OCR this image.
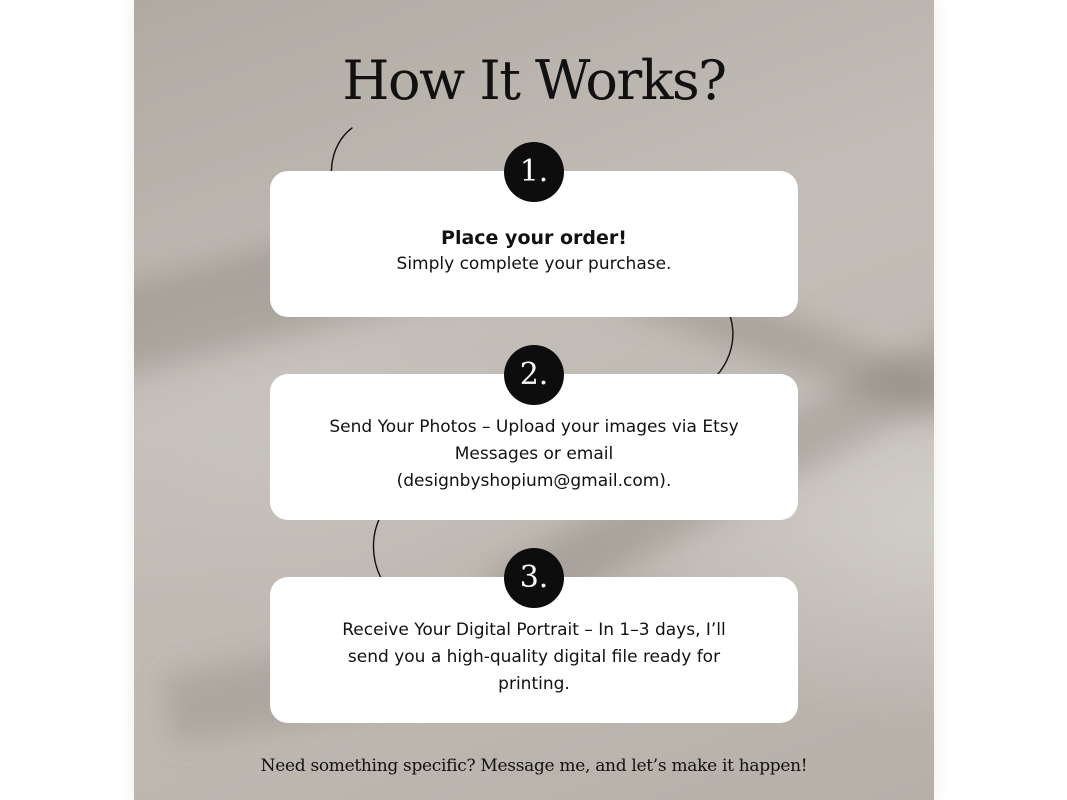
How It Works?
Place your order!
Simply complete your purchase.
1.
Send Your Photos – Upload your images via Etsy
Messages or email
(designbyshopium@gmail.com).
2.
Receive Your Digital Portrait – In 1–3 days, I’ll
send you a high-quality digital file ready for
printing.
3.
Need something specific? Message me, and let’s make it happen!
